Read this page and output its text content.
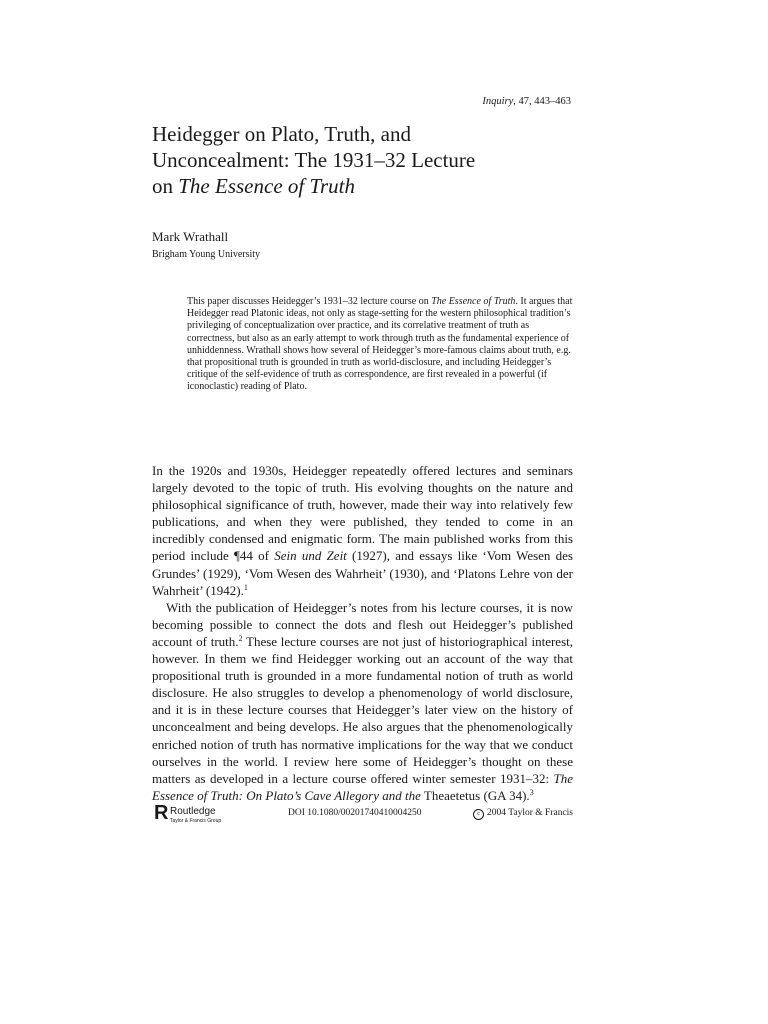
Inquiry, 47, 443–463
Heidegger on Plato, Truth, and
Unconcealment: The 1931–32 Lecture
on The Essence of Truth
Mark Wrathall
Brigham Young University

This paper discusses Heidegger’s 1931–32 lecture course on The Essence of Truth. It argues that Heidegger read Platonic ideas, not only as stage-setting for the western philosophical tradition’s privileging of conceptualization over practice, and its correlative treatment of truth as correctness, but also as an early attempt to work through truth as the fundamental experience of unhiddenness. Wrathall shows how several of Heidegger’s more-famous claims about truth, e.g. that propositional truth is grounded in truth as world-disclosure, and including Heidegger’s critique of the self-evidence of truth as correspondence, are first revealed in a powerful (if iconoclastic) reading of Plato.

In the 1920s and 1930s, Heidegger repeatedly offered lectures and seminars largely devoted to the topic of truth. His evolving thoughts on the nature and philosophical significance of truth, however, made their way into relatively few publications, and when they were published, they tended to come in an incredibly condensed and enigmatic form. The main published works from this period include ¶44 of Sein und Zeit (1927), and essays like ‘Vom Wesen des Grundes’ (1929), ‘Vom Wesen des Wahrheit’ (1930), and ‘Platons Lehre von der Wahrheit’ (1942).$^1$

With the publication of Heidegger’s notes from his lecture courses, it is now becoming possible to connect the dots and flesh out Heidegger’s published account of truth.$^2$ These lecture courses are not just of historiographical interest, however. In them we find Heidegger working out an account of the way that propositional truth is grounded in a more fundamental notion of truth as world disclosure. He also struggles to develop a phenomenology of world disclosure, and it is in these lecture courses that Heidegger’s later view on the history of unconcealment and being develops. He also argues that the phenomenologically enriched notion of truth has normative implications for the way that we conduct ourselves in the world. I review here some of Heidegger’s thought on these matters as developed in a lecture course offered winter semester 1931–32: The Essence of Truth: On Plato’s Cave Allegory and the Theaetetus (GA 34).$^3$

R Routledge
Taylor & Francis Group
DOI 10.1080/00201740410004250	c 2004 Taylor & Francis
